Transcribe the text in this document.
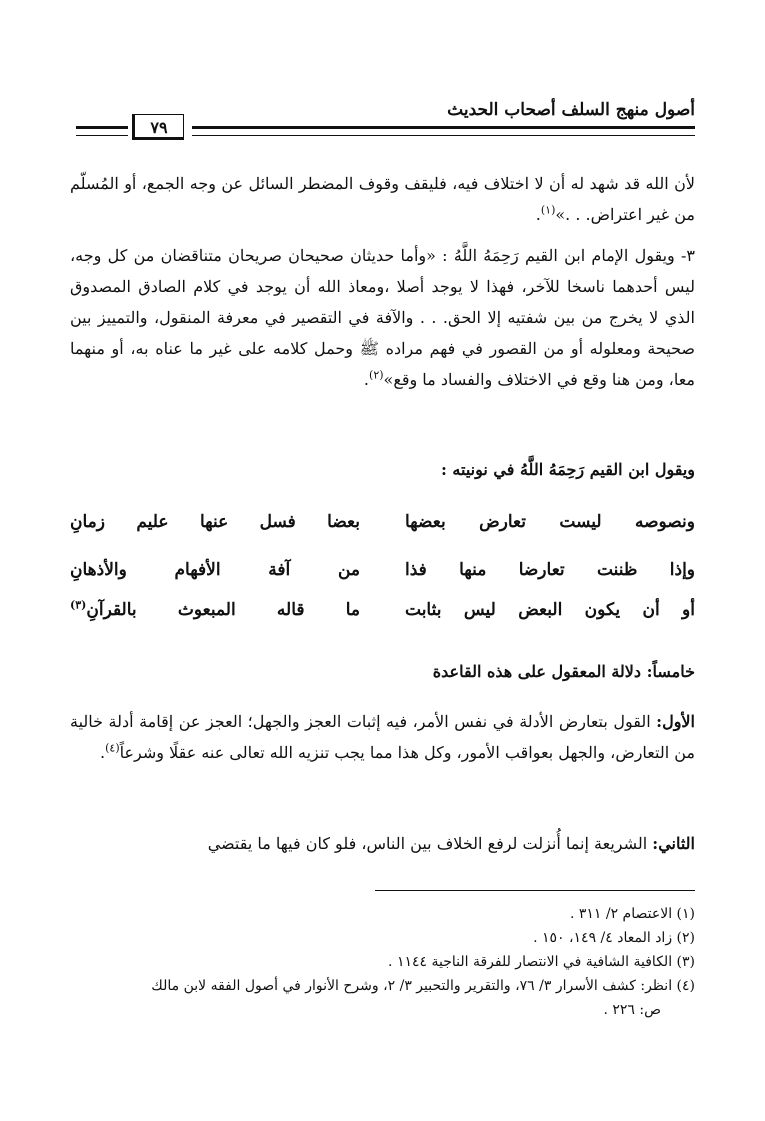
أصول منهج السلف أصحاب الحديث
٧٩

لأن الله قد شهد له أن لا اختلاف فيه، فليقف وقوف المضطر السائل عن وجه الجمع، أو المُسلّم من غير اعتراض. . .»$^{(١)}$.

٣- ويقول الإمام ابن القيم رَحِمَهُ اللَّهُ : «وأما حديثان صحيحان صريحان متناقضان من كل وجه، ليس أحدهما ناسخا للآخر، فهذا لا يوجد أصلا ،ومعاذ الله أن يوجد في كلام الصادق المصدوق الذي لا يخرج من بين شفتيه إلا الحق. . . والآفة في التقصير في معرفة المنقول، والتمييز بين صحيحة ومعلوله أو من القصور في فهم مراده ﷺ وحمل كلامه على غير ما عناه به، أو منهما معا، ومن هنا وقع في الاختلاف والفساد ما وقع»$^{(٢)}$.

ويقول ابن القيم رَحِمَهُ اللَّهُ في نونيته :
ونصوصه ليست تعارض بعضها
بعضا فسل عنها عليم زمانِ
وإذا ظننت تعارضا منها فذا
من آفة الأفهام والأذهانِ
أو أن يكون البعض ليس بثابت
ما قاله المبعوث بالقرآنِ$^{(٣)}$
خامساً: دلالة المعقول على هذه القاعدة

الأول: القول بتعارض الأدلة في نفس الأمر، فيه إثبات العجز والجهل؛ العجز عن إقامة أدلة خالية من التعارض، والجهل بعواقب الأمور، وكل هذا مما يجب تنزيه الله تعالى عنه عقلًا وشرعاً$^{(٤)}$.

الثاني: الشريعة إنما أُنزلت لرفع الخلاف بين الناس، فلو كان فيها ما يقتضي

(١) الاعتصام ٢/ ٣١١ .

(٢) زاد المعاد ٤/ ١٤٩، ١٥٠ .

(٣) الكافية الشافية في الانتصار للفرقة الناجية ١١٤٤ .

(٤) انظر: كشف الأسرار ٣/ ٧٦، والتقرير والتحبير ٣/ ٢، وشرح الأنوار في أصول الفقه لابن مالك

ص: ٢٢٦ .
